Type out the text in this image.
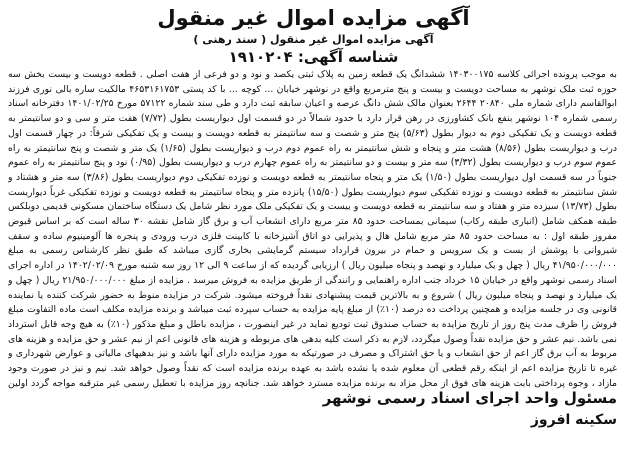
آگهی مزایده اموال غیر منقول
آگهی مزایده اموال غیر منقول ( سند رهنی )
شناسه آگهی: ۱۹۱۰۲۰۴
به موجب پرونده اجرائی کلاسه ۱۴۰۳۰۰۱۷۵ ششدانگ یک قطعه زمین به پلاک ثبتی یکصد و نود و دو فرعی از هفت اصلی . قطعه دویست و بیست بخش سه حوزه ثبت ملک نوشهر به مساحت دویست و بیست و پنج مترمربع واقع در نوشهر خیابان ... کوچه ... با کد پستی ۴۶۵۳۱۶۱۷۵۳ مالکیت ساره بالی نوری فرزند ابوالقاسم دارای شماره ملی ۲۰۸۴۰ ۲۶۴۴ بعنوان مالک شش دانگ عرصه و اعیان سابقه ثبت دارد و طی سند شماره ۵۷۱۲۲ مورخ ۱۴۰۱/۰۲/۲۵ دفترخانه اسناد رسمی شماره ۱۰۴ نوشهر بنفع بانک کشاورزی در رهن قرار دارد با حدود شمالاً در دو قسمت اول دیواریست بطول (۷/۷۲) هفت متر و سی و دو سانتیمتر به قطعه دویست و یک تفکیکی دوم به دیوار بطول (۵/۶۳) پنج متر و شصت و سه سانتیمتر به قطعه دویست و بیست و یک تفکیکی شرقاً: در چهار قسمت اول درب و دیواریست بطول (۸/۵۶) هشت متر و پنجاه و شش سانتیمتر به راه عموم دوم درب و دیواریست بطول (۱/۶۵) یک متر و شصت و پنج سانتیمتر به راه عموم سوم درب و دیواریست بطول (۳/۳۲) سه متر و بیست و دو سانتیمتر به راه عموم چهارم درب و دیواریست بطول (۰/۹۵) نود و پنج سانتیمتر به راه عموم جنوباً در سه قسمت اول دیواریست بطول (۱/۵۰) یک متر و پنجاه سانتیمتر به قطعه دویست و نوزده تفکیکی دوم دیواریست بطول (۳/۸۶) سه متر و هشتاد و شش سانتیمتر به قطعه دویست و نوزده تفکیکی سوم دیواریست بطول (۱۵/۵۰) پانزده متر و پنجاه سانتیمتر به قطعه دویست و نوزده تفکیکی غرباً دیواریست بطول (۱۳/۷۳) سیزده متر و هفتاد و سه سانتیمتر به قطعه دویست و بیست و یک تفکیکی ملک مورد نظر شامل یک دستگاه ساختمان مسکونی قدیمی دوبلکس طبقه همکف شامل (انباری طبقه رکاب) سیمانی بمساحت حدود ۸۵ متر مربع دارای انشعاب آب و برق گاز شامل نقشه ۳۰ ساله است که بر اساس قبوض مفروز طبقه اول : به مساحت حدود ۸۵ متر مربع شامل هال و پذیرایی دو اتاق آشپزخانه با کابینت فلزی درب ورودی و پنجره ها آلومینیوم ساده و سقف شیروانی با پوشش از بست و یک سرویس و حمام در بیرون قرارداد سیستم گرمایشی بخاری گازی میباشد که طبق نظر کارشناس رسمی به مبلغ ۴۱/۹۵۰/۰۰۰/۰۰۰ ریال ( چهل و یک میلیارد و نهصد و پنجاه میلیون ریال ) ارزیابی گردیده که از ساعت ۹ الی ۱۲ روز سه شنبه مورخ ۱۴۰۲/۰۲/۰۹ در اداره اجرای اسناد رسمی نوشهر واقع در خیابان ۱۵ خرداد جنب اداره راهنمایی و رانندگی از طریق مزایده به فروش میرسد . مزایده از مبلغ ۲۱/۹۵۰/۰۰۰/۰۰۰ ریال ( چهل و یک میلیارد و نهصد و پنجاه میلیون ریال ) شروع و به بالاترین قیمت پیشنهادی نقداً فروخته میشود. شرکت در مزایده منوط به حضور شرکت کننده یا نماینده قانونی وی در جلسه مزایده و همچنین پرداخت ده درصد (۱۰٪) از مبلغ پایه مزایده به حساب سپرده ثبت میباشد و برنده مزایده مکلف است ماده التفاوت مبلغ فروش را ظرف مدت پنج روز از تاریخ مزایده به حساب صندوق ثبت تودیع نماید در غیر اینصورت ، مزایده باطل و مبلغ مذکور (۱۰٪) به هیچ وجه قابل استرداد نمی باشد. نیم عشر و حق مزایده نقداً وصول میگردد، لازم به ذکر است کلیه بدهی های مربوطه و هزینه های قانونی اعم از نیم عشر و حق مزایده و هزینه های مربوط به آب برق گاز اعم از حق انشعاب و یا حق اشتراک و مصرف در صورتیکه به مورد مزایده دارای آنها باشد و نیز بدهیهای مالیاتی و عوارض شهرداری و غیره تا تاریخ مزایده اعم از اینکه رقم قطعی آن معلوم شده یا نشده باشد به عهده برنده مزایده است که نقداً وصول خواهد شد. نیم و نیز در صورت وجود مازاد ، وجوه پرداختی بابت هزینه های فوق از محل مزاد به برنده مزایده مسترد خواهد شد. جنانچه روز مزایده با تعطیل رسمی غیر مترقبه مواجه گردد اولین
مسئول واحد اجرای اسناد رسمی نوشهر
سکینه افروز
